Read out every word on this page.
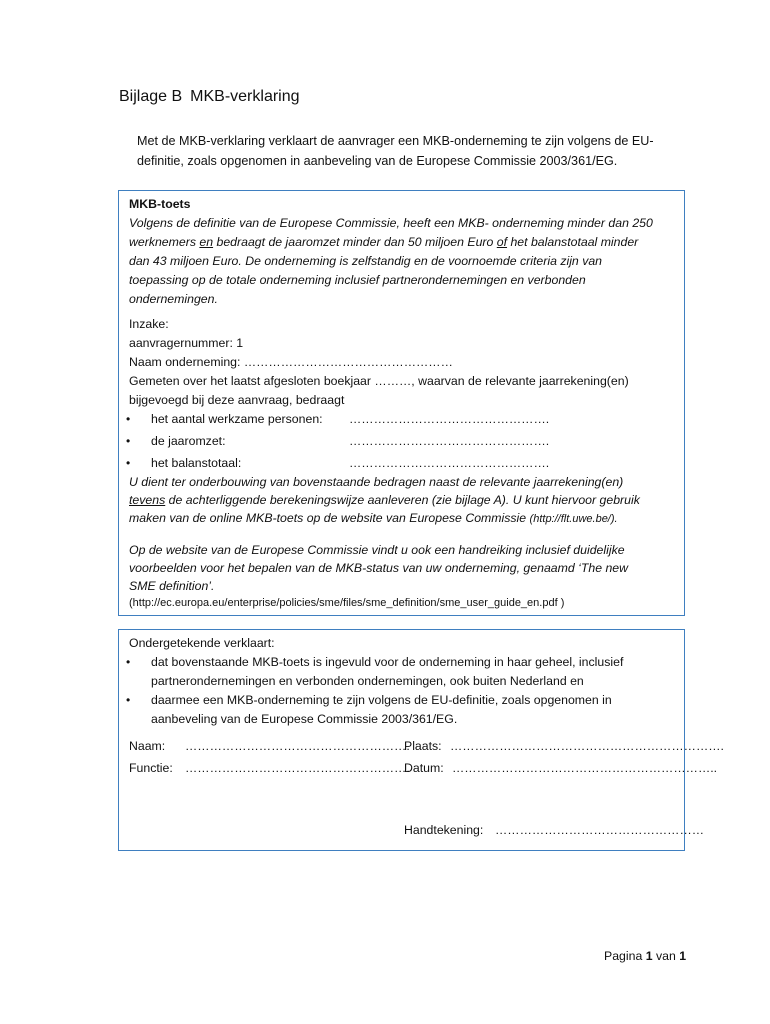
Bijlage B MKB-verklaring
Met de MKB-verklaring verklaart de aanvrager een MKB-onderneming te zijn volgens de EU-
definitie, zoals opgenomen in aanbeveling van de Europese Commissie 2003/361/EG.
MKB-toets
Volgens de definitie van de Europese Commissie, heeft een MKB- onderneming minder dan 250
werknemers en bedraagt de jaaromzet minder dan 50 miljoen Euro of het balanstotaal minder
dan 43 miljoen Euro. De onderneming is zelfstandig en de voornoemde criteria zijn van
toepassing op de totale onderneming inclusief partnerondernemingen en verbonden
ondernemingen.
Inzake:
aanvragernummer: 1
Naam onderneming: ……………………………………………
Gemeten over het laatst afgesloten boekjaar ………, waarvan de relevante jaarrekening(en)
bijgevoegd bij deze aanvraag, bedraagt
• het aantal werkzame personen: ………………………………………….
• de jaaromzet:	………………………………………….
• het balanstotaal:	………………………………………….
U dient ter onderbouwing van bovenstaande bedragen naast de relevante jaarrekening(en)
tevens de achterliggende berekeningswijze aanleveren (zie bijlage A). U kunt hiervoor gebruik
maken van de online MKB-toets op de website van Europese Commissie (http://flt.uwe.be/).
Op de website van de Europese Commissie vindt u ook een handreiking inclusief duidelijke
voorbeelden voor het bepalen van de MKB-status van uw onderneming, genaamd ‘The new
SME definition’.
(http://ec.europa.eu/enterprise/policies/sme/files/sme_definition/sme_user_guide_en.pdf )
Ondergetekende verklaart:
• dat bovenstaande MKB-toets is ingevuld voor de onderneming in haar geheel, inclusief
partnerondernemingen en verbonden ondernemingen, ook buiten Nederland en
• daarmee een MKB-onderneming te zijn volgens de EU-definitie, zoals opgenomen in
aanbeveling van de Europese Commissie 2003/361/EG.
Naam: ……………………………………………….
Plaats: ………………………………………………………….
Functie: ……………………………………………….
Datum: ………………………………………………………..
Handtekening: ……………………………………………
Pagina 1 van 1
